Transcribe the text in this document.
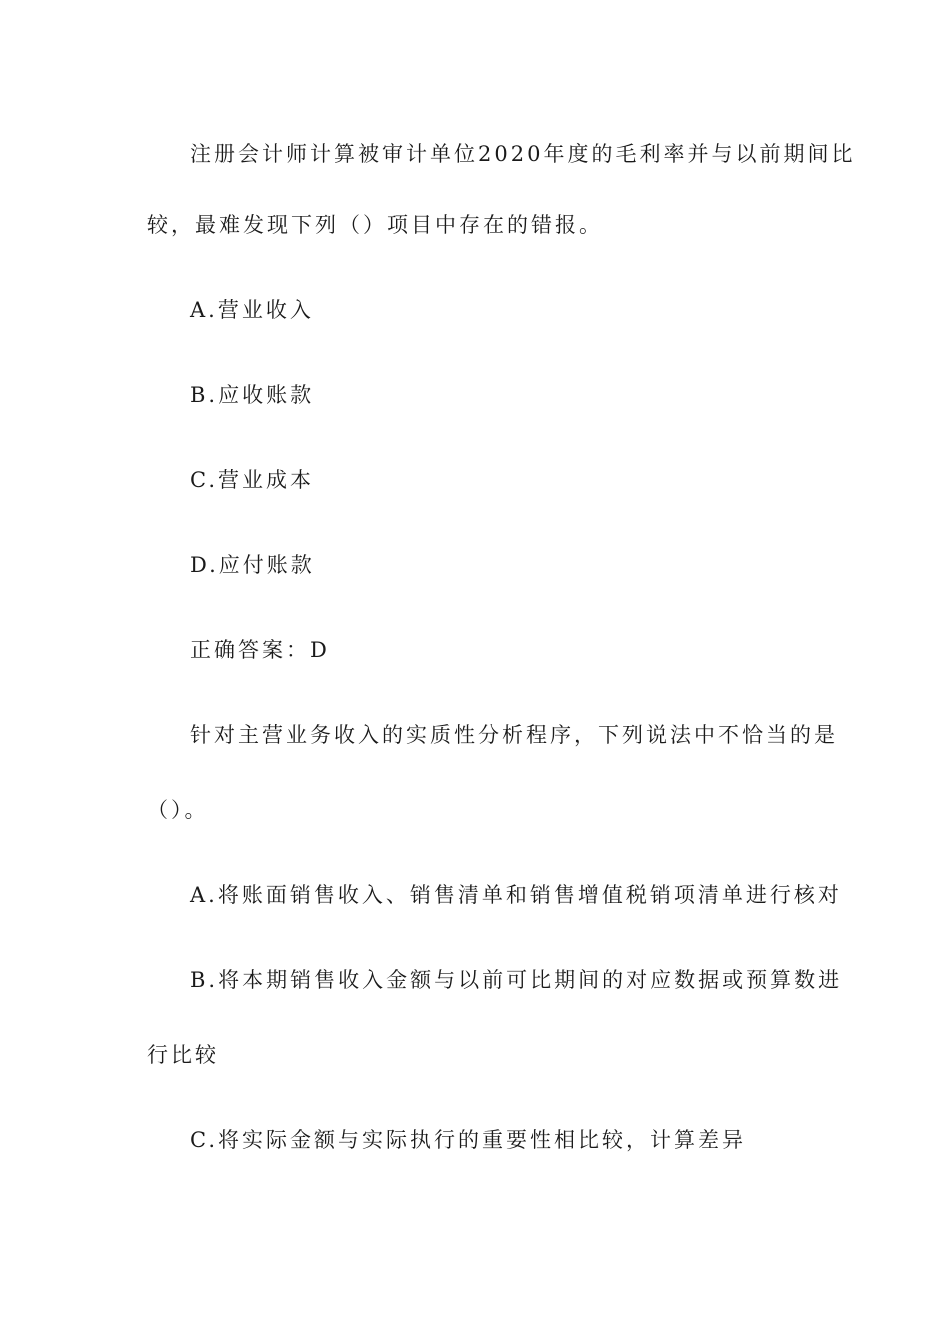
注册会计师计算被审计单位2020年度的毛利率并与以前期间比
较，最难发现下列（）项目中存在的错报。
A.营业收入
B.应收账款
C.营业成本
D.应付账款
正确答案：D
针对主营业务收入的实质性分析程序，下列说法中不恰当的是
（）。
A.将账面销售收入、销售清单和销售增值税销项清单进行核对
B.将本期销售收入金额与以前可比期间的对应数据或预算数进
行比较
C.将实际金额与实际执行的重要性相比较，计算差异
